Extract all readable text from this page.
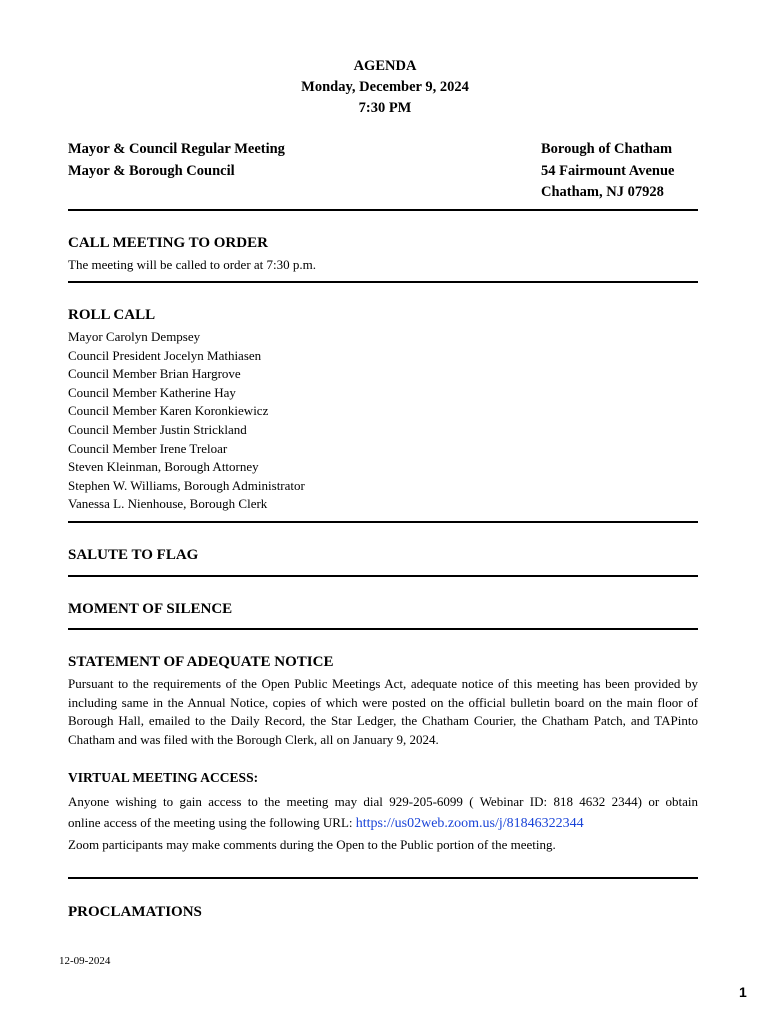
AGENDA
Monday, December 9, 2024
7:30 PM
Mayor & Council Regular Meeting
Mayor & Borough Council
Borough of Chatham
54 Fairmount Avenue
Chatham, NJ 07928
CALL MEETING TO ORDER
The meeting will be called to order at 7:30 p.m.
ROLL CALL
Mayor Carolyn Dempsey
Council President Jocelyn Mathiasen
Council Member Brian Hargrove
Council Member Katherine Hay
Council Member Karen Koronkiewicz
Council Member Justin Strickland
Council Member Irene Treloar
Steven Kleinman, Borough Attorney
Stephen W. Williams, Borough Administrator
Vanessa L. Nienhouse, Borough Clerk
SALUTE TO FLAG
MOMENT OF SILENCE
STATEMENT OF ADEQUATE NOTICE
Pursuant to the requirements of the Open Public Meetings Act, adequate notice of this meeting has been provided by
including same in the Annual Notice, copies of which were posted on the official bulletin board on the main floor of
Borough Hall, emailed to the Daily Record, the Star Ledger, the Chatham Courier, the Chatham Patch, and TAPinto
Chatham and was filed with the Borough Clerk, all on January 9, 2024.
VIRTUAL MEETING ACCESS:
Anyone wishing to gain access to the meeting may dial 929-205-6099 ( Webinar ID: 818 4632 2344) or obtain
online access of the meeting using the following URL: https://us02web.zoom.us/j/81846322344
Zoom participants may make comments during the Open to the Public portion of the meeting.
PROCLAMATIONS
12-09-2024
1
